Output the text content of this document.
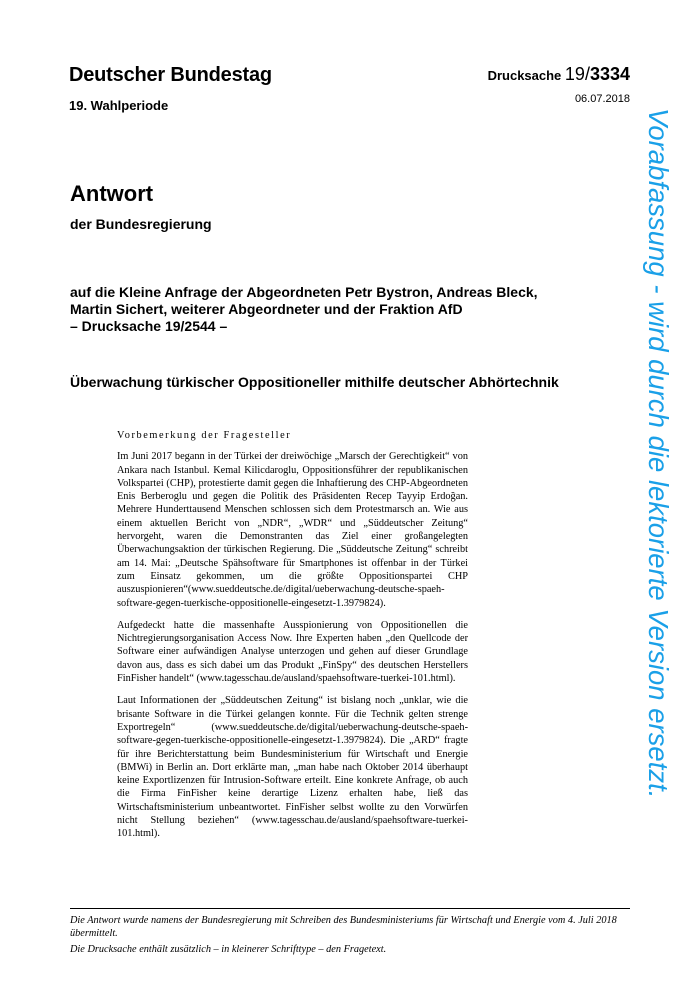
Deutscher Bundestag
19. Wahlperiode
Drucksache 19/3334
06.07.2018
Antwort
der Bundesregierung
auf die Kleine Anfrage der Abgeordneten Petr Bystron, Andreas Bleck,
Martin Sichert, weiterer Abgeordneter und der Fraktion AfD
– Drucksache 19/2544 –
Überwachung türkischer Oppositioneller mithilfe deutscher Abhörtechnik
Vorbemerkung der Fragesteller

Im Juni 2017 begann in der Türkei der dreiwöchige „Marsch der Gerechtigkeit“ von Ankara nach Istanbul. Kemal Kilicdaroglu, Oppositionsführer der republikanischen Volkspartei (CHP), protestierte damit gegen die Inhaftierung des CHP-Abgeordneten Enis Berberoglu und gegen die Politik des Präsidenten Recep Tayyip Erdoğan. Mehrere Hunderttausend Menschen schlossen sich dem Protestmarsch an. Wie aus einem aktuellen Bericht von „NDR“, „WDR“ und „Süddeutscher Zeitung“ hervorgeht, waren die Demonstranten das Ziel einer großangelegten Überwachungsaktion der türkischen Regierung. Die „Süddeutsche Zeitung“ schreibt am 14. Mai: „Deutsche Spähsoftware für Smartphones ist offenbar in der Türkei zum Einsatz gekommen, um die größte Oppositionspartei CHP auszuspionieren“(www.sueddeutsche.de/digital/ueberwachung-deutsche-spaeh-software-gegen-tuerkische-oppositionelle-eingesetzt-1.3979824).

Aufgedeckt hatte die massenhafte Ausspionierung von Oppositionellen die Nichtregierungsorganisation Access Now. Ihre Experten haben „den Quellcode der Software einer aufwändigen Analyse unterzogen und gehen auf dieser Grundlage davon aus, dass es sich dabei um das Produkt „FinSpy“ des deutschen Herstellers FinFisher handelt“ (www.tagesschau.de/ausland/spaehsoftware-tuerkei-101.html).

Laut Informationen der „Süddeutschen Zeitung“ ist bislang noch „unklar, wie die brisante Software in die Türkei gelangen konnte. Für die Technik gelten strenge Exportregeln“ (www.sueddeutsche.de/digital/ueberwachung-deutsche-spaeh-software-gegen-tuerkische-oppositionelle-eingesetzt-1.3979824). Die „ARD“ fragte für ihre Berichterstattung beim Bundesministerium für Wirtschaft und Energie (BMWi) in Berlin an. Dort erklärte man, „man habe nach Oktober 2014 überhaupt keine Exportlizenzen für Intrusion-Software erteilt. Eine konkrete Anfrage, ob auch die Firma FinFisher keine derartige Lizenz erhalten habe, ließ das Wirtschaftsministerium unbeantwortet. FinFisher selbst wollte zu den Vorwürfen nicht Stellung beziehen“ (www.tagesschau.de/ausland/spaehsoftware-tuerkei-101.html).

Die Antwort wurde namens der Bundesregierung mit Schreiben des Bundesministeriums für Wirtschaft und Energie vom 4. Juli 2018 übermittelt.
Die Drucksache enthält zusätzlich – in kleinerer Schrifttype – den Fragetext.
Vorabfassung - wird durch die lektorierte Version ersetzt.
